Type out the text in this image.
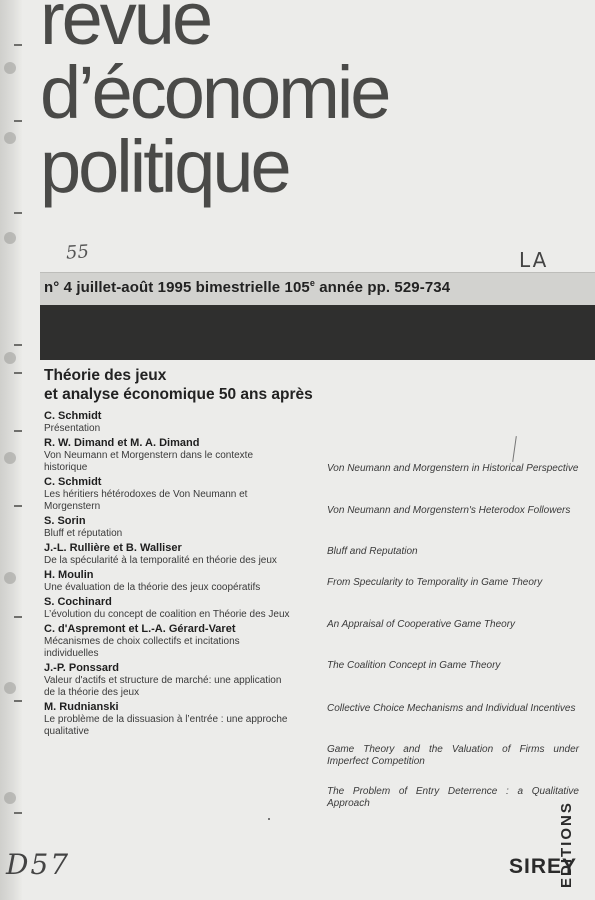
revue
d’économie
politique
55	LA
n° 4 juillet-août 1995 bimestrielle 105e année pp. 529-734
Théorie des jeux
et analyse économique 50 ans après
C. Schmidt
Présentation
R. W. Dimand et M. A. Dimand
Von Neumann et Morgenstern dans le contexte historique
C. Schmidt
Les héritiers hétérodoxes de Von Neumann et Morgenstern
S. Sorin
Bluff et réputation
J.-L. Rullière et B. Walliser
De la spécularité à la temporalité en théorie des jeux
H. Moulin
Une évaluation de la théorie des jeux coopératifs
S. Cochinard
L’évolution du concept de coalition en Théorie des Jeux
C. d'Aspremont et L.-A. Gérard-Varet
Mécanismes de choix collectifs et incitations individuelles
J.-P. Ponssard
Valeur d'actifs et structure de marché: une application de la théorie des jeux
M. Rudnianski
Le problème de la dissuasion à l’entrée : une approche qualitative
Von Neumann and Morgenstern in Historical Perspective
Von Neumann and Morgenstern's Heterodox Followers
Bluff and Reputation
From Specularity to Temporality in Game Theory
An Appraisal of Cooperative Game Theory
The Coalition Concept in Game Theory
Collective Choice Mechanisms and Individual Incentives
Game Theory and the Valuation of Firms under Imperfect Competition
The Problem of Entry Deterrence : a Qualitative Approach
SIREY
EDITIONS
D57
